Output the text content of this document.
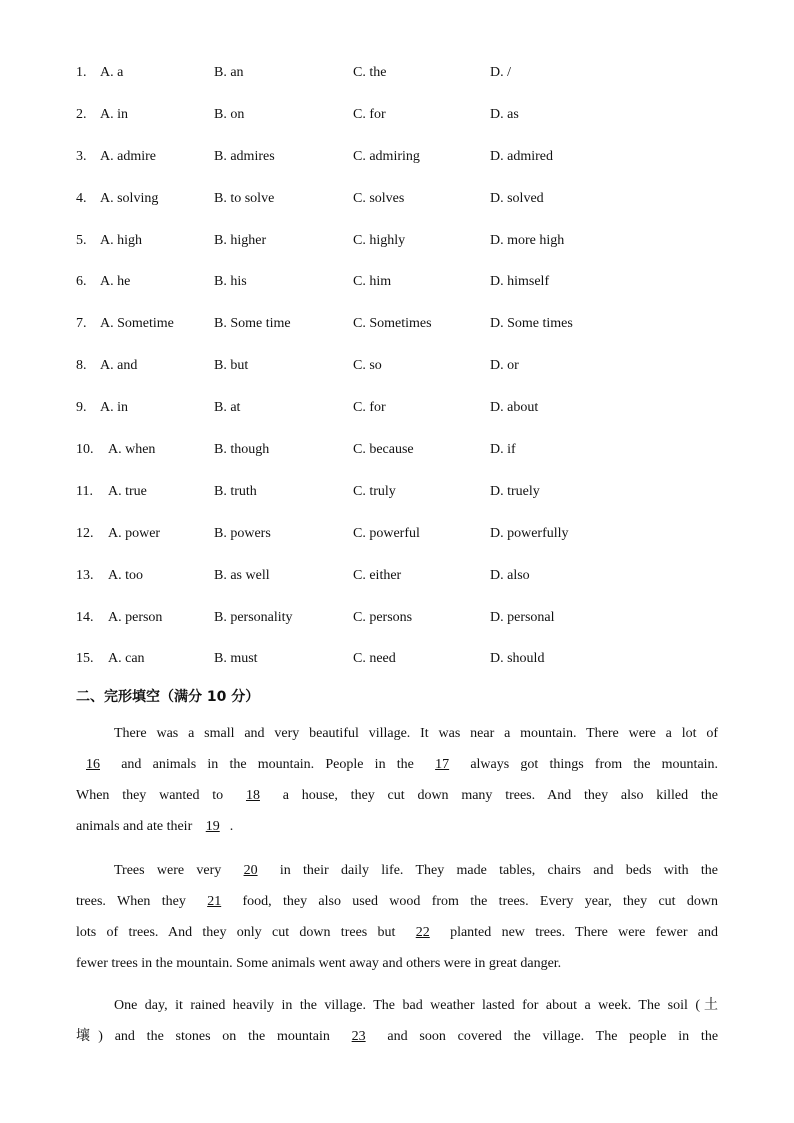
1. A. a	B. an	C. the	D. /
2. A. in	B. on	C. for	D. as
3. A. admire	B. admires	C. admiring	D. admired
4. A. solving	B. to solve	C. solves	D. solved
5. A. high	B. higher	C. highly	D. more high
6. A. he	B. his	C. him	D. himself
7. A. Sometime	B. Some time	C. Sometimes	D. Some times
8. A. and	B. but	C. so	D. or
9. A. in	B. at	C. for	D. about
10. A. when	B. though	C. because	D. if
11. A. true	B. truth	C. truly	D. truely
12. A. power	B. powers	C. powerful	D. powerfully
13. A. too	B. as well	C. either	D. also
14. A. person	B. personality	C. persons	D. personal
15. A. can	B. must	C. need	D. should
二、完形填空（满分 10 分）
There was a small and very beautiful village. It was near a mountain. There were a lot of
16 and animals in the mountain. People in the 17 always got things from the mountain.
When they wanted to 18 a house, they cut down many trees. And they also killed the
animals and ate their 19 .
Trees were very 20 in their daily life. They made tables, chairs and beds with the
trees. When they 21 food, they also used wood from the trees. Every year, they cut down
lots of trees. And they only cut down trees but 22 planted new trees. There were fewer and
fewer trees in the mountain. Some animals went away and others were in great danger.
One day, it rained heavily in the village. The bad weather lasted for about a week. The soil (土
壤) and the stones on the mountain 23 and soon covered the village. The people in the
